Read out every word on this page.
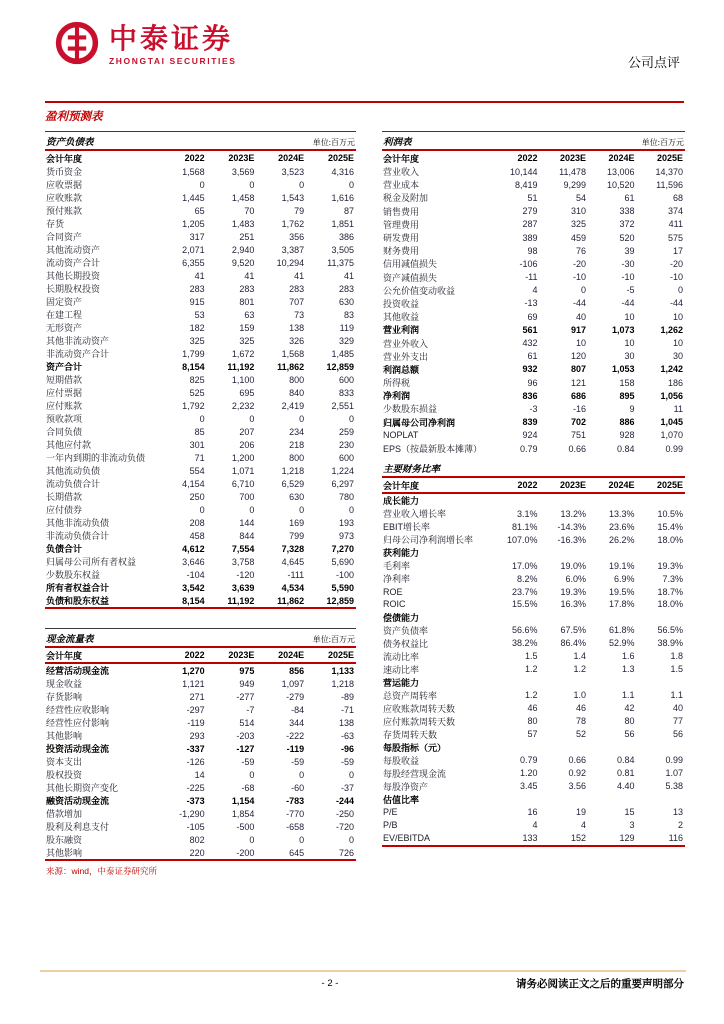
中泰证券
ZHONGTAI SECURITIES	公司点评
盈利预测表
资产负债表	单位:百万元
会计年度	2022	2023E	2024E	2025E
货币资金	1,568	3,569	3,523	4,316
应收票据	0	0	0	0
应收账款	1,445	1,458	1,543	1,616
预付账款	65	70	79	87
存货	1,205	1,483	1,762	1,851
合同资产	317	251	356	386
其他流动资产	2,071	2,940	3,387	3,505
流动资产合计	6,355	9,520	10,294	11,375
其他长期投资	41	41	41	41
长期股权投资	283	283	283	283
固定资产	915	801	707	630
在建工程	53	63	73	83
无形资产	182	159	138	119
其他非流动资产	325	325	326	329
非流动资产合计	1,799	1,672	1,568	1,485
资产合计	8,154	11,192	11,862	12,859
短期借款	825	1,100	800	600
应付票据	525	695	840	833
应付账款	1,792	2,232	2,419	2,551
预收款项	0	0	0	0
合同负债	85	207	234	259
其他应付款	301	206	218	230
一年内到期的非流动负债	71	1,200	800	600
其他流动负债	554	1,071	1,218	1,224
流动负债合计	4,154	6,710	6,529	6,297
长期借款	250	700	630	780
应付债券	0	0	0	0
其他非流动负债	208	144	169	193
非流动负债合计	458	844	799	973
负债合计	4,612	7,554	7,328	7,270
归属母公司所有者权益	3,646	3,758	4,645	5,690
少数股东权益	-104	-120	-111	-100
所有者权益合计	3,542	3,639	4,534	5,590
负债和股东权益	8,154	11,192	11,862	12,859
现金流量表	单位:百万元
会计年度	2022	2023E	2024E	2025E
经营活动现金流	1,270	975	856	1,133
现金收益	1,121	949	1,097	1,218
存货影响	271	-277	-279	-89
经营性应收影响	-297	-7	-84	-71
经营性应付影响	-119	514	344	138
其他影响	293	-203	-222	-63
投资活动现金流	-337	-127	-119	-96
资本支出	-126	-59	-59	-59
股权投资	14	0	0	0
其他长期资产变化	-225	-68	-60	-37
融资活动现金流	-373	1,154	-783	-244
借款增加	-1,290	1,854	-770	-250
股利及利息支付	-105	-500	-658	-720
股东融资	802	0	0	0
其他影响	220	-200	645	726
来源：wind，中泰证券研究所
利润表	单位:百万元
会计年度	2022	2023E	2024E	2025E
营业收入	10,144	11,478	13,006	14,370
营业成本	8,419	9,299	10,520	11,596
税金及附加	51	54	61	68
销售费用	279	310	338	374
管理费用	287	325	372	411
研发费用	389	459	520	575
财务费用	98	76	39	17
信用减值损失	-106	-20	-30	-20
资产减值损失	-11	-10	-10	-10
公允价值变动收益	4	0	-5	0
投资收益	-13	-44	-44	-44
其他收益	69	40	10	10
营业利润	561	917	1,073	1,262
营业外收入	432	10	10	10
营业外支出	61	120	30	30
利润总额	932	807	1,053	1,242
所得税	96	121	158	186
净利润	836	686	895	1,056
少数股东损益	-3	-16	9	11
归属母公司净利润	839	702	886	1,045
NOPLAT	924	751	928	1,070
EPS（按最新股本摊薄）	0.79	0.66	0.84	0.99
主要财务比率
会计年度	2022	2023E	2024E	2025E
成长能力				
营业收入增长率	3.1%	13.2%	13.3%	10.5%
EBIT增长率	81.1%	-14.3%	23.6%	15.4%
归母公司净利润增长率	107.0%	-16.3%	26.2%	18.0%
获利能力				
毛利率	17.0%	19.0%	19.1%	19.3%
净利率	8.2%	6.0%	6.9%	7.3%
ROE	23.7%	19.3%	19.5%	18.7%
ROIC	15.5%	16.3%	17.8%	18.0%
偿债能力				
资产负债率	56.6%	67.5%	61.8%	56.5%
债务权益比	38.2%	86.4%	52.9%	38.9%
流动比率	1.5	1.4	1.6	1.8
速动比率	1.2	1.2	1.3	1.5
营运能力				
总资产周转率	1.2	1.0	1.1	1.1
应收账款周转天数	46	46	42	40
应付账款周转天数	80	78	80	77
存货周转天数	57	52	56	56
每股指标（元）				
每股收益	0.79	0.66	0.84	0.99
每股经营现金流	1.20	0.92	0.81	1.07
每股净资产	3.45	3.56	4.40	5.38
估值比率				
P/E	16	19	15	13
P/B	4	4	3	2
EV/EBITDA	133	152	129	116
- 2 -	请务必阅读正文之后的重要声明部分
